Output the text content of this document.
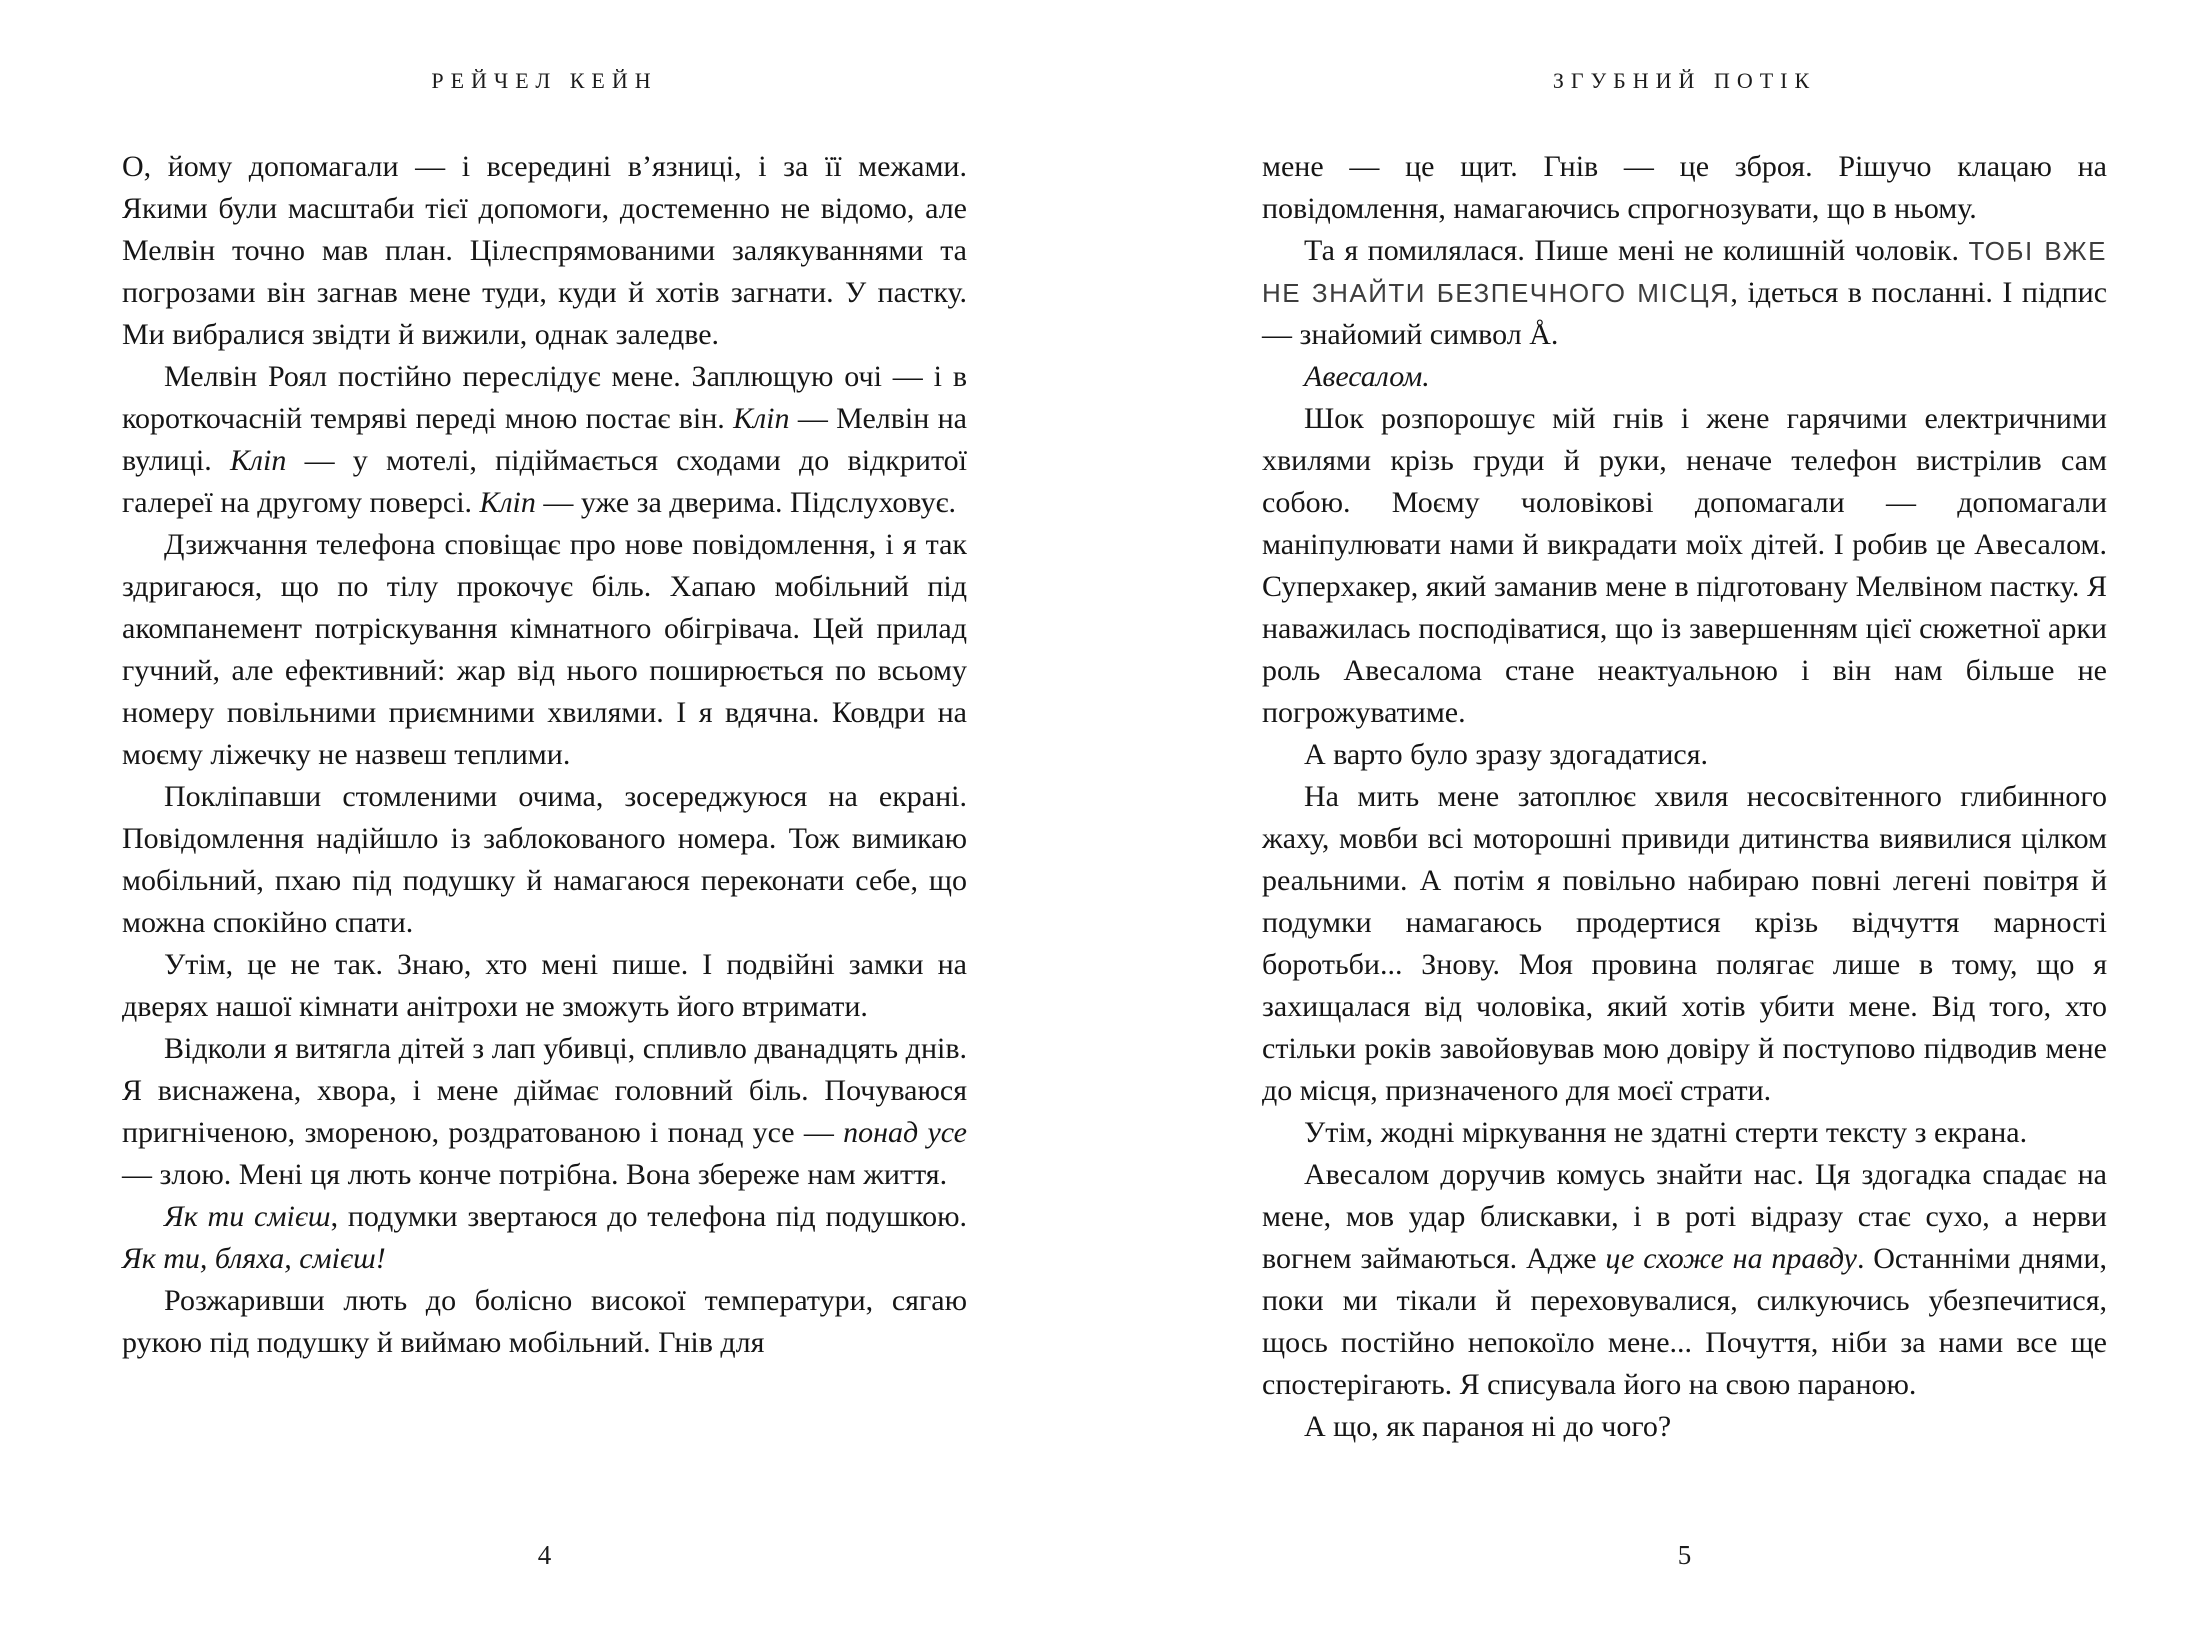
РЕЙЧЕЛ КЕЙН

О, йому допомагали — і всередині в’язниці, і за її межами. Якими були масштаби тієї допомоги, достеменно не відомо, але Мелвін точно мав план. Цілеспрямованими залякуваннями та погрозами він загнав мене туди, куди й хотів загнати. У пастку. Ми вибралися звідти й вижили, однак заледве.

Мелвін Роял постійно переслідує мене. Заплющую очі — і в короткочасній темряві переді мною постає він. Кліп — Мелвін на вулиці. Кліп — у мотелі, підіймається сходами до відкритої галереї на другому поверсі. Кліп — уже за дверима. Підслуховує.

Дзижчання телефона сповіщає про нове повідомлення, і я так здригаюся, що по тілу прокочує біль. Хапаю мобільний під акомпанемент потріскування кімнатного обігрівача. Цей прилад гучний, але ефективний: жар від нього поширюється по всьому номеру повільними приємними хвилями. І я вдячна. Ковдри на моєму ліжечку не назвеш теплими.

Покліпавши стомленими очима, зосереджуюся на екрані. Повідомлення надійшло із заблокованого номера. Тож вимикаю мобільний, пхаю під подушку й намагаюся переконати себе, що можна спокійно спати.

Утім, це не так. Знаю, хто мені пише. І подвійні замки на дверях нашої кімнати анітрохи не зможуть його втримати.

Відколи я витягла дітей з лап убивці, спливло дванадцять днів. Я виснажена, хвора, і мене діймає головний біль. Почуваюся пригніченою, змореною, роздратованою і понад усе — понад усе — злою. Мені ця лють конче потрібна. Вона збереже нам життя.

Як ти смієш, подумки звертаюся до телефона під подушкою. Як ти, бляха, смієш!

Розжаривши лють до болісно високої температури, сягаю рукою під подушку й виймаю мобільний. Гнів для

4
ЗГУБНИЙ ПОТІК

мене — це щит. Гнів — це зброя. Рішучо клацаю на повідомлення, намагаючись спрогнозувати, що в ньому.

Та я помилялася. Пише мені не колишній чоловік. ТОБІ ВЖЕ НЕ ЗНАЙТИ БЕЗПЕЧНОГО МІСЦЯ, ідеться в посланні. І підпис — знайомий символ Å.

Авесалом.

Шок розпорошує мій гнів і жене гарячими електричними хвилями крізь груди й руки, неначе телефон вистрілив сам собою. Моєму чоловікові допомагали — допомагали маніпулювати нами й викрадати моїх дітей. І робив це Авесалом. Суперхакер, який заманив мене в підготовану Мелвіном пастку. Я наважилась посподіватися, що із завершенням цієї сюжетної арки роль Авесалома стане неактуальною і він нам більше не погрожуватиме.

А варто було зразу здогадатися.

На мить мене затоплює хвиля несосвітенного глибинного жаху, мовби всі моторошні привиди дитинства виявилися цілком реальними. А потім я повільно набираю повні легені повітря й подумки намагаюсь продертися крізь відчуття марності боротьби... Знову. Моя провина полягає лише в тому, що я захищалася від чоловіка, який хотів убити мене. Від того, хто стільки років завойовував мою довіру й поступово підводив мене до місця, призначеного для моєї страти.

Утім, жодні міркування не здатні стерти тексту з екрана.

Авесалом доручив комусь знайти нас. Ця здогадка спадає на мене, мов удар блискавки, і в роті відразу стає сухо, а нерви вогнем займаються. Адже це схоже на правду. Останніми днями, поки ми тікали й переховувалися, силкуючись убезпечитися, щось постійно непокоїло мене... Почуття, ніби за нами все ще спостерігають. Я списувала його на свою параною.

А що, як параноя ні до чого?

5
